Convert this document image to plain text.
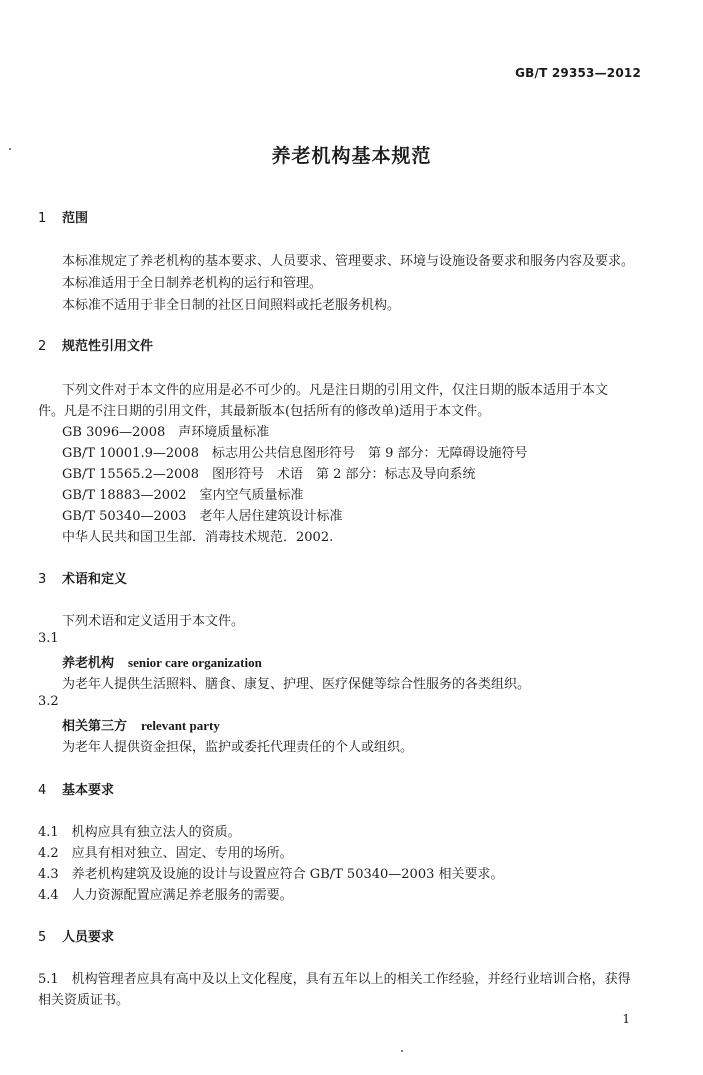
GB/T 29353—2012
养老机构基本规范
1 范围
本标准规定了养老机构的基本要求、人员要求、管理要求、环境与设施设备要求和服务内容及要求。
本标准适用于全日制养老机构的运行和管理。
本标准不适用于非全日制的社区日间照料或托老服务机构。
2 规范性引用文件
下列文件对于本文件的应用是必不可少的。凡是注日期的引用文件，仅注日期的版本适用于本文
件。凡是不注日期的引用文件，其最新版本(包括所有的修改单)适用于本文件。
GB 3096—2008　声环境质量标准
GB/T 10001.9—2008　标志用公共信息图形符号　第 9 部分：无障碍设施符号
GB/T 15565.2—2008　图形符号　术语　第 2 部分：标志及导向系统
GB/T 18883—2002　室内空气质量标准
GB/T 50340—2003　老年人居住建筑设计标准
中华人民共和国卫生部．消毒技术规范．2002.
3 术语和定义
下列术语和定义适用于本文件。
3.1
养老机构 senior care organization
为老年人提供生活照料、膳食、康复、护理、医疗保健等综合性服务的各类组织。
3.2
相关第三方 relevant party
为老年人提供资金担保，监护或委托代理责任的个人或组织。
4 基本要求
4.1　机构应具有独立法人的资质。
4.2　应具有相对独立、固定、专用的场所。
4.3　养老机构建筑及设施的设计与设置应符合 GB/T 50340—2003 相关要求。
4.4　人力资源配置应满足养老服务的需要。
5 人员要求
5.1　机构管理者应具有高中及以上文化程度，具有五年以上的相关工作经验，并经行业培训合格，获得
相关资质证书。
1
